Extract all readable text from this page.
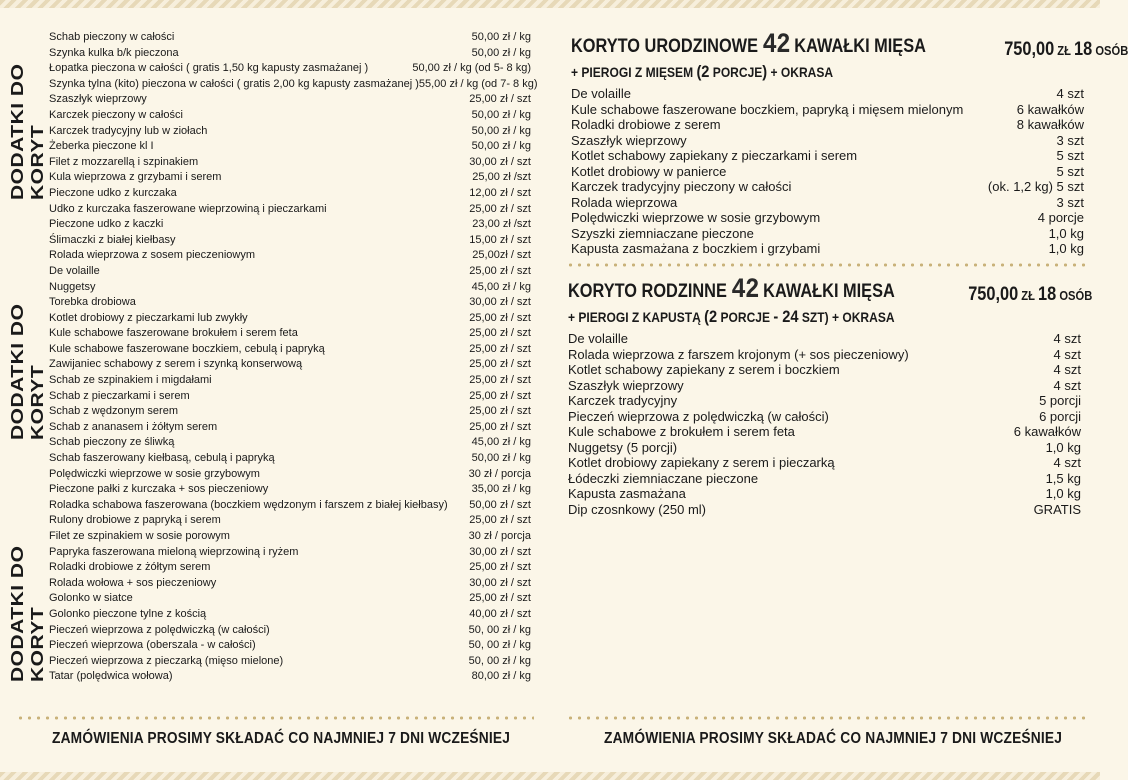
DODATKI DO KORYT
DODATKI DO KORYT
DODATKI DO KORYT
Schab pieczony w całości	50,00 zł / kg
Szynka kulka b/k pieczona	50,00 zł / kg
Łopatka pieczona w całości ( gratis 1,50 kg kapusty zasmażanej )	50,00 zł / kg (od 5- 8 kg)
Szynka tylna (kito) pieczona w całości ( gratis 2,00 kg kapusty zasmażanej ) 55,00 zł / kg (od 7- 8 kg)
Szaszłyk wieprzowy	25,00 zł / szt
Karczek pieczony w całości	50,00 zł / kg
Karczek tradycyjny lub w ziołach	50,00 zł / kg
Żeberka pieczone kl I	50,00 zł / kg
Filet z mozzarellą i szpinakiem	30,00 zł / szt
Kula wieprzowa z grzybami i serem	25,00 zł /szt
Pieczone udko z kurczaka	12,00 zł / szt
Udko z kurczaka faszerowane wieprzowiną i pieczarkami	25,00 zł / szt
Pieczone udko z kaczki	23,00 zł /szt
Ślimaczki z białej kiełbasy	15,00 zł / szt
Rolada wieprzowa z sosem pieczeniowym	25,00zł / szt
De volaille	25,00 zł / szt
Nuggetsy	45,00 zł / kg
Torebka drobiowa	30,00 zł / szt
Kotlet drobiowy z pieczarkami lub zwykły	25,00 zł / szt
Kule schabowe faszerowane brokułem i serem feta	25,00 zł / szt
Kule schabowe faszerowane boczkiem, cebulą i papryką	25,00 zł / szt
Zawijaniec schabowy z serem i szynką konserwową	25,00 zł / szt
Schab ze szpinakiem i migdałami	25,00 zł / szt
Schab z pieczarkami i serem	25,00 zł / szt
Schab z wędzonym serem	25,00 zł / szt
Schab z ananasem i żółtym serem	25,00 zł / szt
Schab pieczony ze śliwką	45,00 zł / kg
Schab faszerowany kiełbasą, cebulą i papryką	50,00 zł / kg
Polędwiczki wieprzowe w sosie grzybowym	30 zł / porcja
Pieczone pałki z kurczaka + sos pieczeniowy	35,00 zł / kg
Roladka schabowa faszerowana (boczkiem wędzonym i farszem z białej kiełbasy) 50,00 zł / szt
Rulony drobiowe z papryką i serem	25,00 zł / szt
Filet ze szpinakiem w sosie porowym	30 zł / porcja
Papryka faszerowana mieloną wieprzowiną i ryżem	30,00 zł / szt
Roladki drobiowe z żółtym serem	25,00 zł / szt
Rolada wołowa + sos pieczeniowy	30,00 zł / szt
Golonko w siatce	25,00 zł / szt
Golonko pieczone tylne z kością	40,00 zł / szt
Pieczeń wieprzowa z polędwiczką (w całości)	50, 00 zł / kg
Pieczeń wieprzowa (oberszala - w całości)	50, 00 zł / kg
Pieczeń wieprzowa z pieczarką (mięso mielone)	50, 00 zł / kg
Tatar (polędwica wołowa)	80,00 zł / kg
ZAMÓWIENIA PROSIMY SKŁADAĆ CO NAJMNIEJ 7 DNI WCZEŚNIEJ
KORYTO URODZINOWE 42 KAWAŁKI MIĘSA	750,00 ZŁ 18 OSÓB
+ PIEROGI Z MIĘSEM (2 PORCJE) + OKRASA
De volaille	4 szt
Kule schabowe faszerowane boczkiem, papryką i mięsem mielonym	6 kawałków
Roladki drobiowe z serem	8 kawałków
Szaszłyk wieprzowy	3 szt
Kotlet schabowy zapiekany z pieczarkami i serem	5 szt
Kotlet drobiowy w panierce	5 szt
Karczek tradycyjny pieczony w całości	(ok. 1,2 kg) 5 szt
Rolada wieprzowa	3 szt
Polędwiczki wieprzowe w sosie grzybowym	4 porcje
Szyszki ziemniaczane pieczone	1,0 kg
Kapusta zasmażana z boczkiem i grzybami	1,0 kg
KORYTO RODZINNE 42 KAWAŁKI MIĘSA	750,00 ZŁ 18 OSÓB
+ PIEROGI Z KAPUSTĄ (2 PORCJE - 24 SZT) + OKRASA
De volaille	4 szt
Rolada wieprzowa z farszem krojonym (+ sos pieczeniowy)	4 szt
Kotlet schabowy zapiekany z serem i boczkiem	4 szt
Szaszłyk wieprzowy	4 szt
Karczek tradycyjny	5 porcji
Pieczeń wieprzowa z polędwiczką (w całości)	6 porcji
Kule schabowe z brokułem i serem feta	6 kawałków
Nuggetsy (5 porcji)	1,0 kg
Kotlet drobiowy zapiekany z serem i pieczarką	4 szt
Łódeczki ziemniaczane pieczone	1,5 kg
Kapusta zasmażana	1,0 kg
Dip czosnkowy (250 ml)	GRATIS
ZAMÓWIENIA PROSIMY SKŁADAĆ CO NAJMNIEJ 7 DNI WCZEŚNIEJ
